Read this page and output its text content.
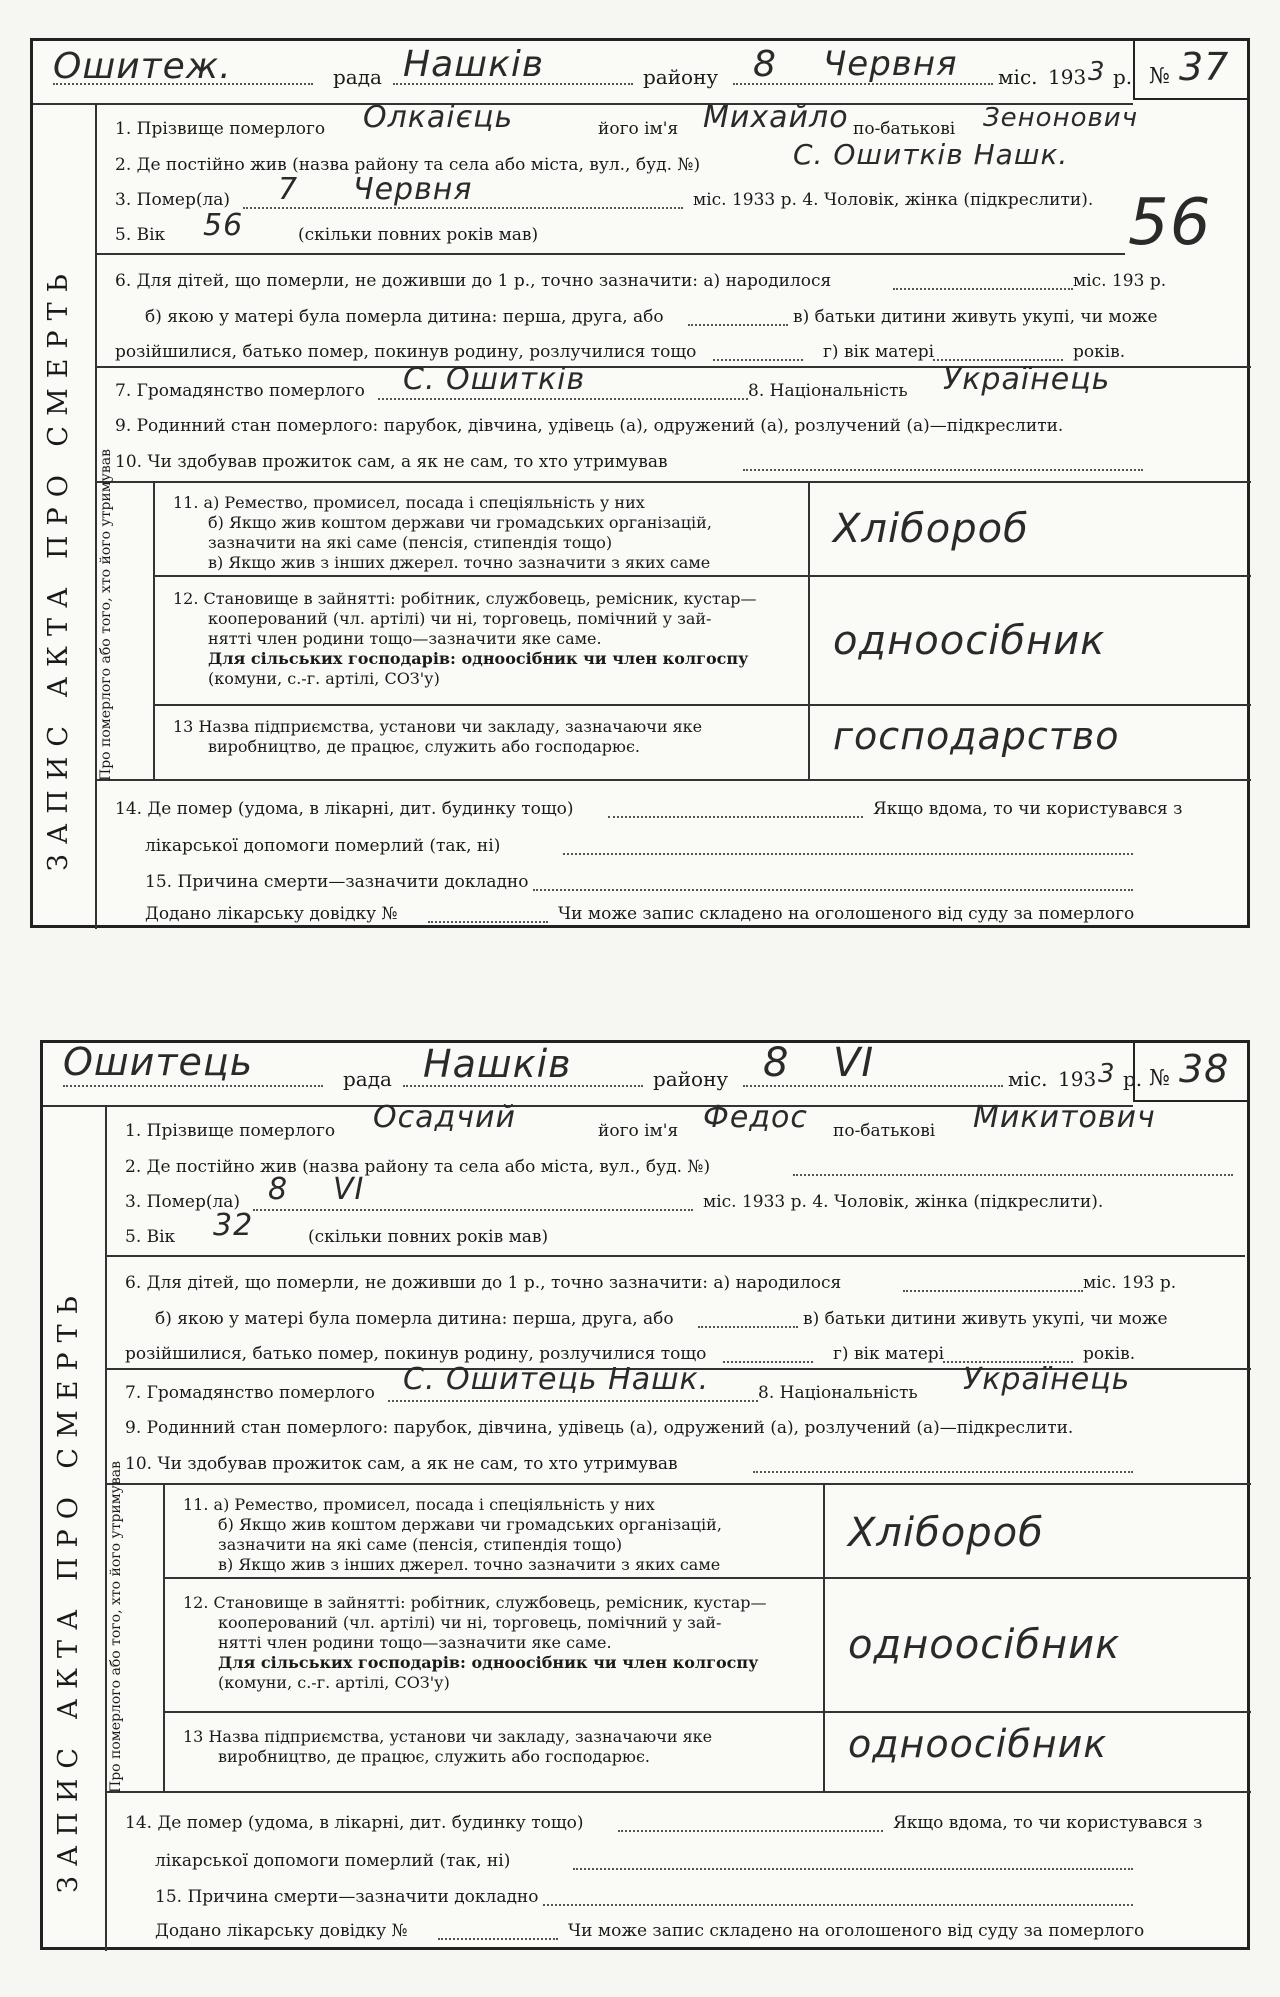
Ошитеж.	рада Нашків	району 8 Червня міс. 193 3 р. № 37
ЗАПИС АКТА ПРО СМЕРТЬ
1. Прізвище померлого Олкаієць	його ім'я Михайло по-батькові Зенонович
2. Де постійно жив (назва району та села або міста, вул., буд. №)	С. Ошитків Нашк.
3. Помер(ла) 7 Червня	міс. 1933 р. 4. Чоловік, жінка (підкреслити).
5. Вік 56	(скільки повних років мав)	56
6. Для дітей, що померли, не доживши до 1 р., точно зазначити: а) народилося	міс. 193 р.
б) якою у матері була померла дитина: перша, друга, або	в) батьки дитини живуть укупі, чи може
розійшилися, батько помер, покинув родину, розлучилися тощо	г) вік матері	років.
7. Громадянство померлого С. Ошитків	8. Національність Українець
9. Родинний стан померлого: парубок, дівчина, удівець (а), одружений (а), розлучений (а)—підкреслити.
10. Чи здобував прожиток сам, а як не сам, то хто утримував
Про померлого або того, хто його утримував	11. а) Ремество, промисел, посада і спеціяльність у них
б) Якщо жив коштом держави чи громадських організацій,
зазначити на які саме (пенсія, стипендія тощо)
в) Якщо жив з інших джерел. точно зазначити з яких саме
Хлібороб
12. Становище в зайнятті: робітник, службовець, ремісник, кустар—
кооперований (чл. артілі) чи ні, торговець, помічний у зай-
нятті член родини тощо—зазначити яке саме.
Для сільських господарів: одноосібник чи член колгоспу
(комуни, с.-г. артілі, СОЗ'у)
одноосібник
13 Назва підприємства, установи чи закладу, зазначаючи яке
виробництво, де працює, служить або господарює.	господарство
14. Де помер (удома, в лікарні, дит. будинку тощо)	Якщо вдома, то чи користувався з
лікарської допомоги померлий (так, ні)
15. Причина смерти—зазначити докладно
Додано лікарську довідку №	Чи може запис складено на оголошеного від суду за померлого
Ошитець	рада Нашків	району 8 VI	міс. 193 3 р. № 38
ЗАПИС АКТА ПРО СМЕРТЬ
1. Прізвище померлого Осадчий	його ім'я Федос по-батькові Микитович
2. Де постійно жив (назва району та села або міста, вул., буд. №)
3. Помер(ла) 8 VI	міс. 1933 р. 4. Чоловік, жінка (підкреслити).
5. Вік 32	(скільки повних років мав)
6. Для дітей, що померли, не доживши до 1 р., точно зазначити: а) народилося	міс. 193 р.
б) якою у матері була померла дитина: перша, друга, або	в) батьки дитини живуть укупі, чи може
розійшилися, батько помер, покинув родину, розлучилися тощо	г) вік матері	років.
7. Громадянство померлого С. Ошитець Нашк.	8. Національність Українець
9. Родинний стан померлого: парубок, дівчина, удівець (а), одружений (а), розлучений (а)—підкреслити.
10. Чи здобував прожиток сам, а як не сам, то хто утримував
Про померлого або того, хто його утримував	11. а) Ремество, промисел, посада і спеціяльність у них
б) Якщо жив коштом держави чи громадських організацій,
зазначити на які саме (пенсія, стипендія тощо)
в) Якщо жив з інших джерел. точно зазначити з яких саме
Хлібороб
12. Становище в зайнятті: робітник, службовець, ремісник, кустар—
кооперований (чл. артілі) чи ні, торговець, помічний у зай-
нятті член родини тощо—зазначити яке саме.
Для сільських господарів: одноосібник чи член колгоспу
(комуни, с.-г. артілі, СОЗ'у)
одноосібник
13 Назва підприємства, установи чи закладу, зазначаючи яке
виробництво, де працює, служить або господарює.	одноосібник
14. Де помер (удома, в лікарні, дит. будинку тощо)	Якщо вдома, то чи користувався з
лікарської допомоги померлий (так, ні)
15. Причина смерти—зазначити докладно
Додано лікарську довідку №	Чи може запис складено на оголошеного від суду за померлого
